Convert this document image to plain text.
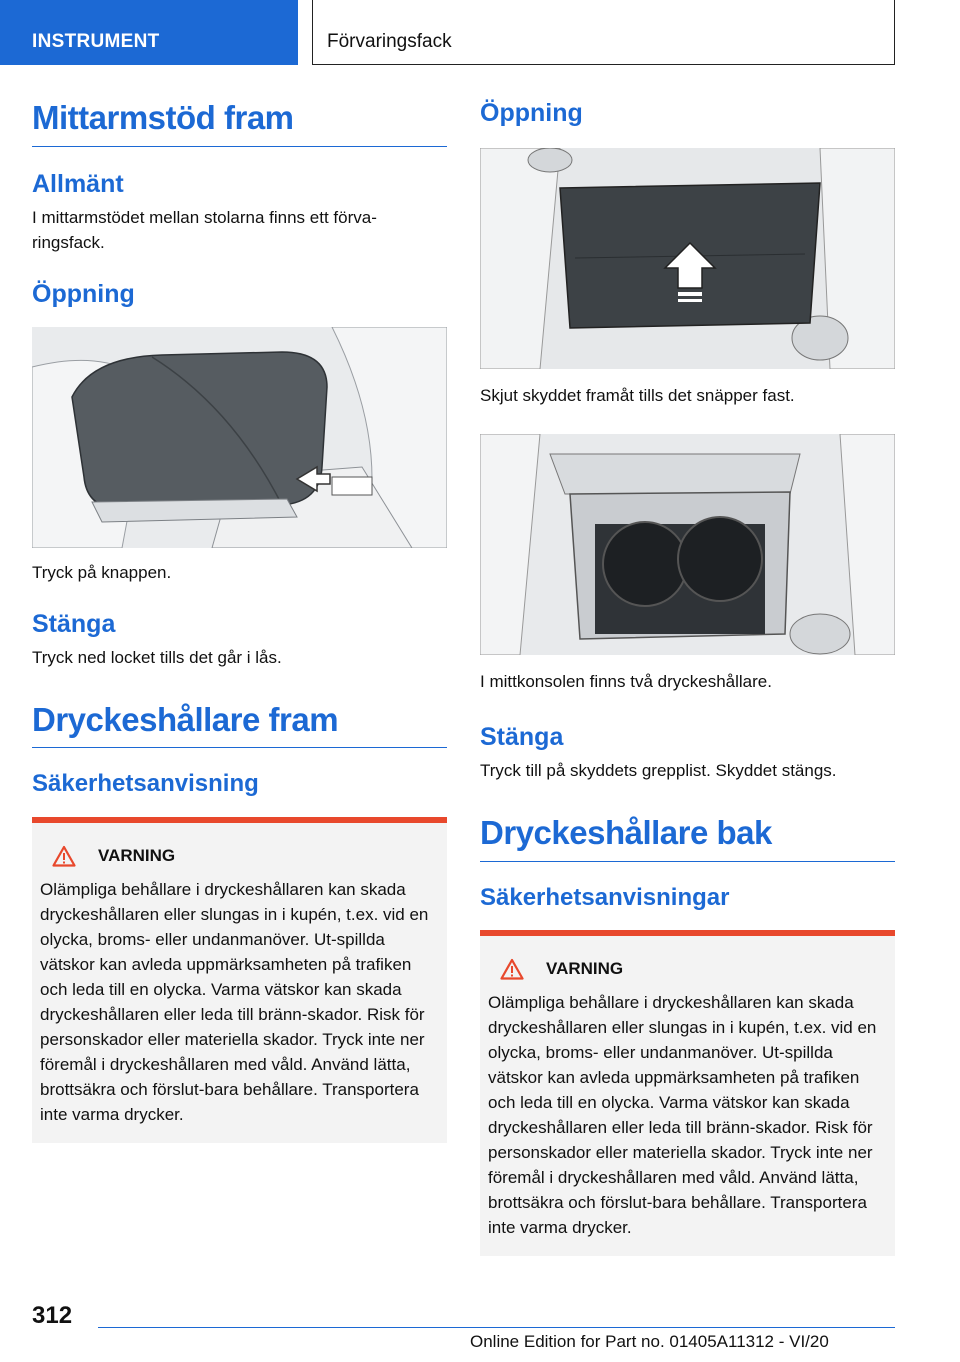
INSTRUMENT	Förvaringsfack
Mittarmstöd fram
Allmänt
I mittarmstödet mellan stolarna finns ett förva-ringsfack.
Öppning
Tryck på knappen.
Stänga
Tryck ned locket tills det går i lås.
Dryckeshållare fram
Säkerhetsanvisning
VARNING
Olämpliga behållare i dryckeshållaren kan skada dryckeshållaren eller slungas in i kupén, t.ex. vid en olycka, broms- eller undanmanöver. Ut-spillda vätskor kan avleda uppmärksamheten på trafiken och leda till en olycka. Varma vätskor kan skada dryckeshållaren eller leda till bränn-skador. Risk för personskador eller materiella skador. Tryck inte ner föremål i dryckeshållaren med våld. Använd lätta, brottsäkra och förslut-bara behållare. Transportera inte varma drycker.
Öppning
Skjut skyddet framåt tills det snäpper fast.
I mittkonsolen finns två dryckeshållare.
Stänga
Tryck till på skyddets grepplist. Skyddet stängs.
Dryckeshållare bak
Säkerhetsanvisningar
VARNING
Olämpliga behållare i dryckeshållaren kan skada dryckeshållaren eller slungas in i kupén, t.ex. vid en olycka, broms- eller undanmanöver. Ut-spillda vätskor kan avleda uppmärksamheten på trafiken och leda till en olycka. Varma vätskor kan skada dryckeshållaren eller leda till bränn-skador. Risk för personskador eller materiella skador. Tryck inte ner föremål i dryckeshållaren med våld. Använd lätta, brottsäkra och förslut-bara behållare. Transportera inte varma drycker.
312
Online Edition for Part no. 01405A11312 - VI/20
